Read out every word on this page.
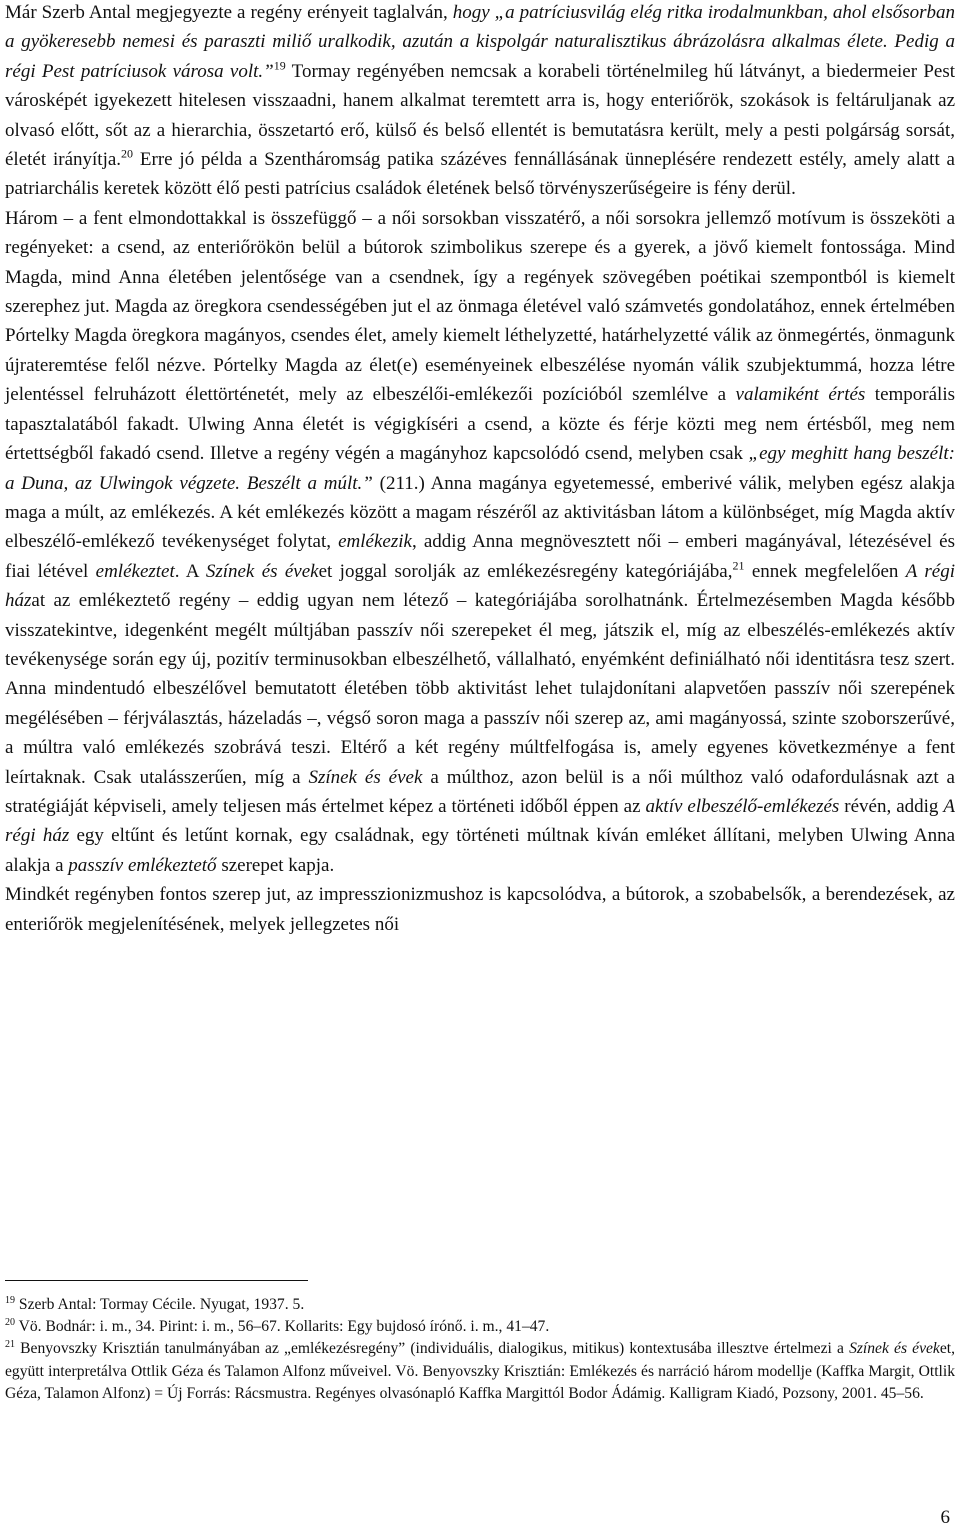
Már Szerb Antal megjegyezte a regény erényeit taglalván, hogy „a patríciusvilág elég ritka irodalmunkban, ahol elsősorban a gyökeresebb nemesi és paraszti miliő uralkodik, azután a kispolgár naturalisztikus ábrázolásra alkalmas élete. Pedig a régi Pest patríciusok városa volt.”$^{19}$ Tormay regényében nemcsak a korabeli történelmileg hű látványt, a biedermeier Pest városképét igyekezett hitelesen visszaadni, hanem alkalmat teremtett arra is, hogy enteriőrök, szokások is feltáruljanak az olvasó előtt, sőt az a hierarchia, összetartó erő, külső és belső ellentét is bemutatásra került, mely a pesti polgárság sorsát, életét irányítja.$^{20}$ Erre jó példa a Szentháromság patika százéves fennállásának ünneplésére rendezett estély, amely alatt a patriarchális keretek között élő pesti patrícius családok életének belső törvényszerűségeire is fény derül.

Három – a fent elmondottakkal is összefüggő – a női sorsokban visszatérő, a női sorsokra jellemző motívum is összeköti a regényeket: a csend, az enteriőrökön belül a bútorok szimbolikus szerepe és a gyerek, a jövő kiemelt fontossága. Mind Magda, mind Anna életében jelentősége van a csendnek, így a regények szövegében poétikai szempontból is kiemelt szerephez jut. Magda az öregkora csendességében jut el az önmaga életével való számvetés gondolatához, ennek értelmében Pórtelky Magda öregkora magányos, csendes élet, amely kiemelt léthelyzetté, határhelyzetté válik az önmegértés, önmagunk újrateremtése felől nézve. Pórtelky Magda az élet(e) eseményeinek elbeszélése nyomán válik szubjektummá, hozza létre jelentéssel felruházott élettörténetét, mely az elbeszélői-emlékezői pozícióból szemlélve a valamiként értés temporális tapasztalatából fakadt. Ulwing Anna életét is végigkíséri a csend, a közte és férje közti meg nem értésből, meg nem értettségből fakadó csend. Illetve a regény végén a magányhoz kapcsolódó csend, melyben csak „egy meghitt hang beszélt: a Duna, az Ulwingok végzete. Beszélt a múlt.” (211.) Anna magánya egyetemessé, emberivé válik, melyben egész alakja maga a múlt, az emlékezés. A két emlékezés között a magam részéről az aktivitásban látom a különbséget, míg Magda aktív elbeszélő-emlékező tevékenységet folytat, emlékezik, addig Anna megnövesztett női – emberi magányával, létezésével és fiai létével emlékeztet. A Színek és éveket joggal sorolják az emlékezésregény kategóriájába,$^{21}$ ennek megfelelően A régi házat az emlékeztető regény – eddig ugyan nem létező – kategóriájába sorolhatnánk. Értelmezésemben Magda később visszatekintve, idegenként megélt múltjában passzív női szerepeket él meg, játszik el, míg az elbeszélés-emlékezés aktív tevékenysége során egy új, pozitív terminusokban elbeszélhető, vállalható, enyémként definiálható női identitásra tesz szert. Anna mindentudó elbeszélővel bemutatott életében több aktivitást lehet tulajdonítani alapvetően passzív női szerepének megélésében – férjválasztás, házeladás –, végső soron maga a passzív női szerep az, ami magányossá, szinte szoborszerűvé, a múltra való emlékezés szobrává teszi. Eltérő a két regény múltfelfogása is, amely egyenes következménye a fent leírtaknak. Csak utalásszerűen, míg a Színek és évek a múlthoz, azon belül is a női múlthoz való odafordulásnak azt a stratégiáját képviseli, amely teljesen más értelmet képez a történeti időből éppen az aktív elbeszélő-emlékezés révén, addig A régi ház egy eltűnt és letűnt kornak, egy családnak, egy történeti múltnak kíván emléket állítani, melyben Ulwing Anna alakja a passzív emlékeztető szerepet kapja.

Mindkét regényben fontos szerep jut, az impresszionizmushoz is kapcsolódva, a bútorok, a szobabelsők, a berendezések, az enteriőrök megjelenítésének, melyek jellegzetes női

$^{19}$ Szerb Antal: Tormay Cécile. Nyugat, 1937. 5.

$^{20}$ Vö. Bodnár: i. m., 34. Pirint: i. m., 56–67. Kollarits: Egy bujdosó írónő. i. m., 41–47.

$^{21}$ Benyovszky Krisztián tanulmányában az „emlékezésregény” (individuális, dialogikus, mitikus) kontextusába illesztve értelmezi a Színek és éveket, együtt interpretálva Ottlik Géza és Talamon Alfonz műveivel. Vö. Benyovszky Krisztián: Emlékezés és narráció három modellje (Kaffka Margit, Ottlik Géza, Talamon Alfonz) = Új Forrás: Rácsmustra. Regényes olvasónapló Kaffka Margittól Bodor Ádámig. Kalligram Kiadó, Pozsony, 2001. 45–56.

6
